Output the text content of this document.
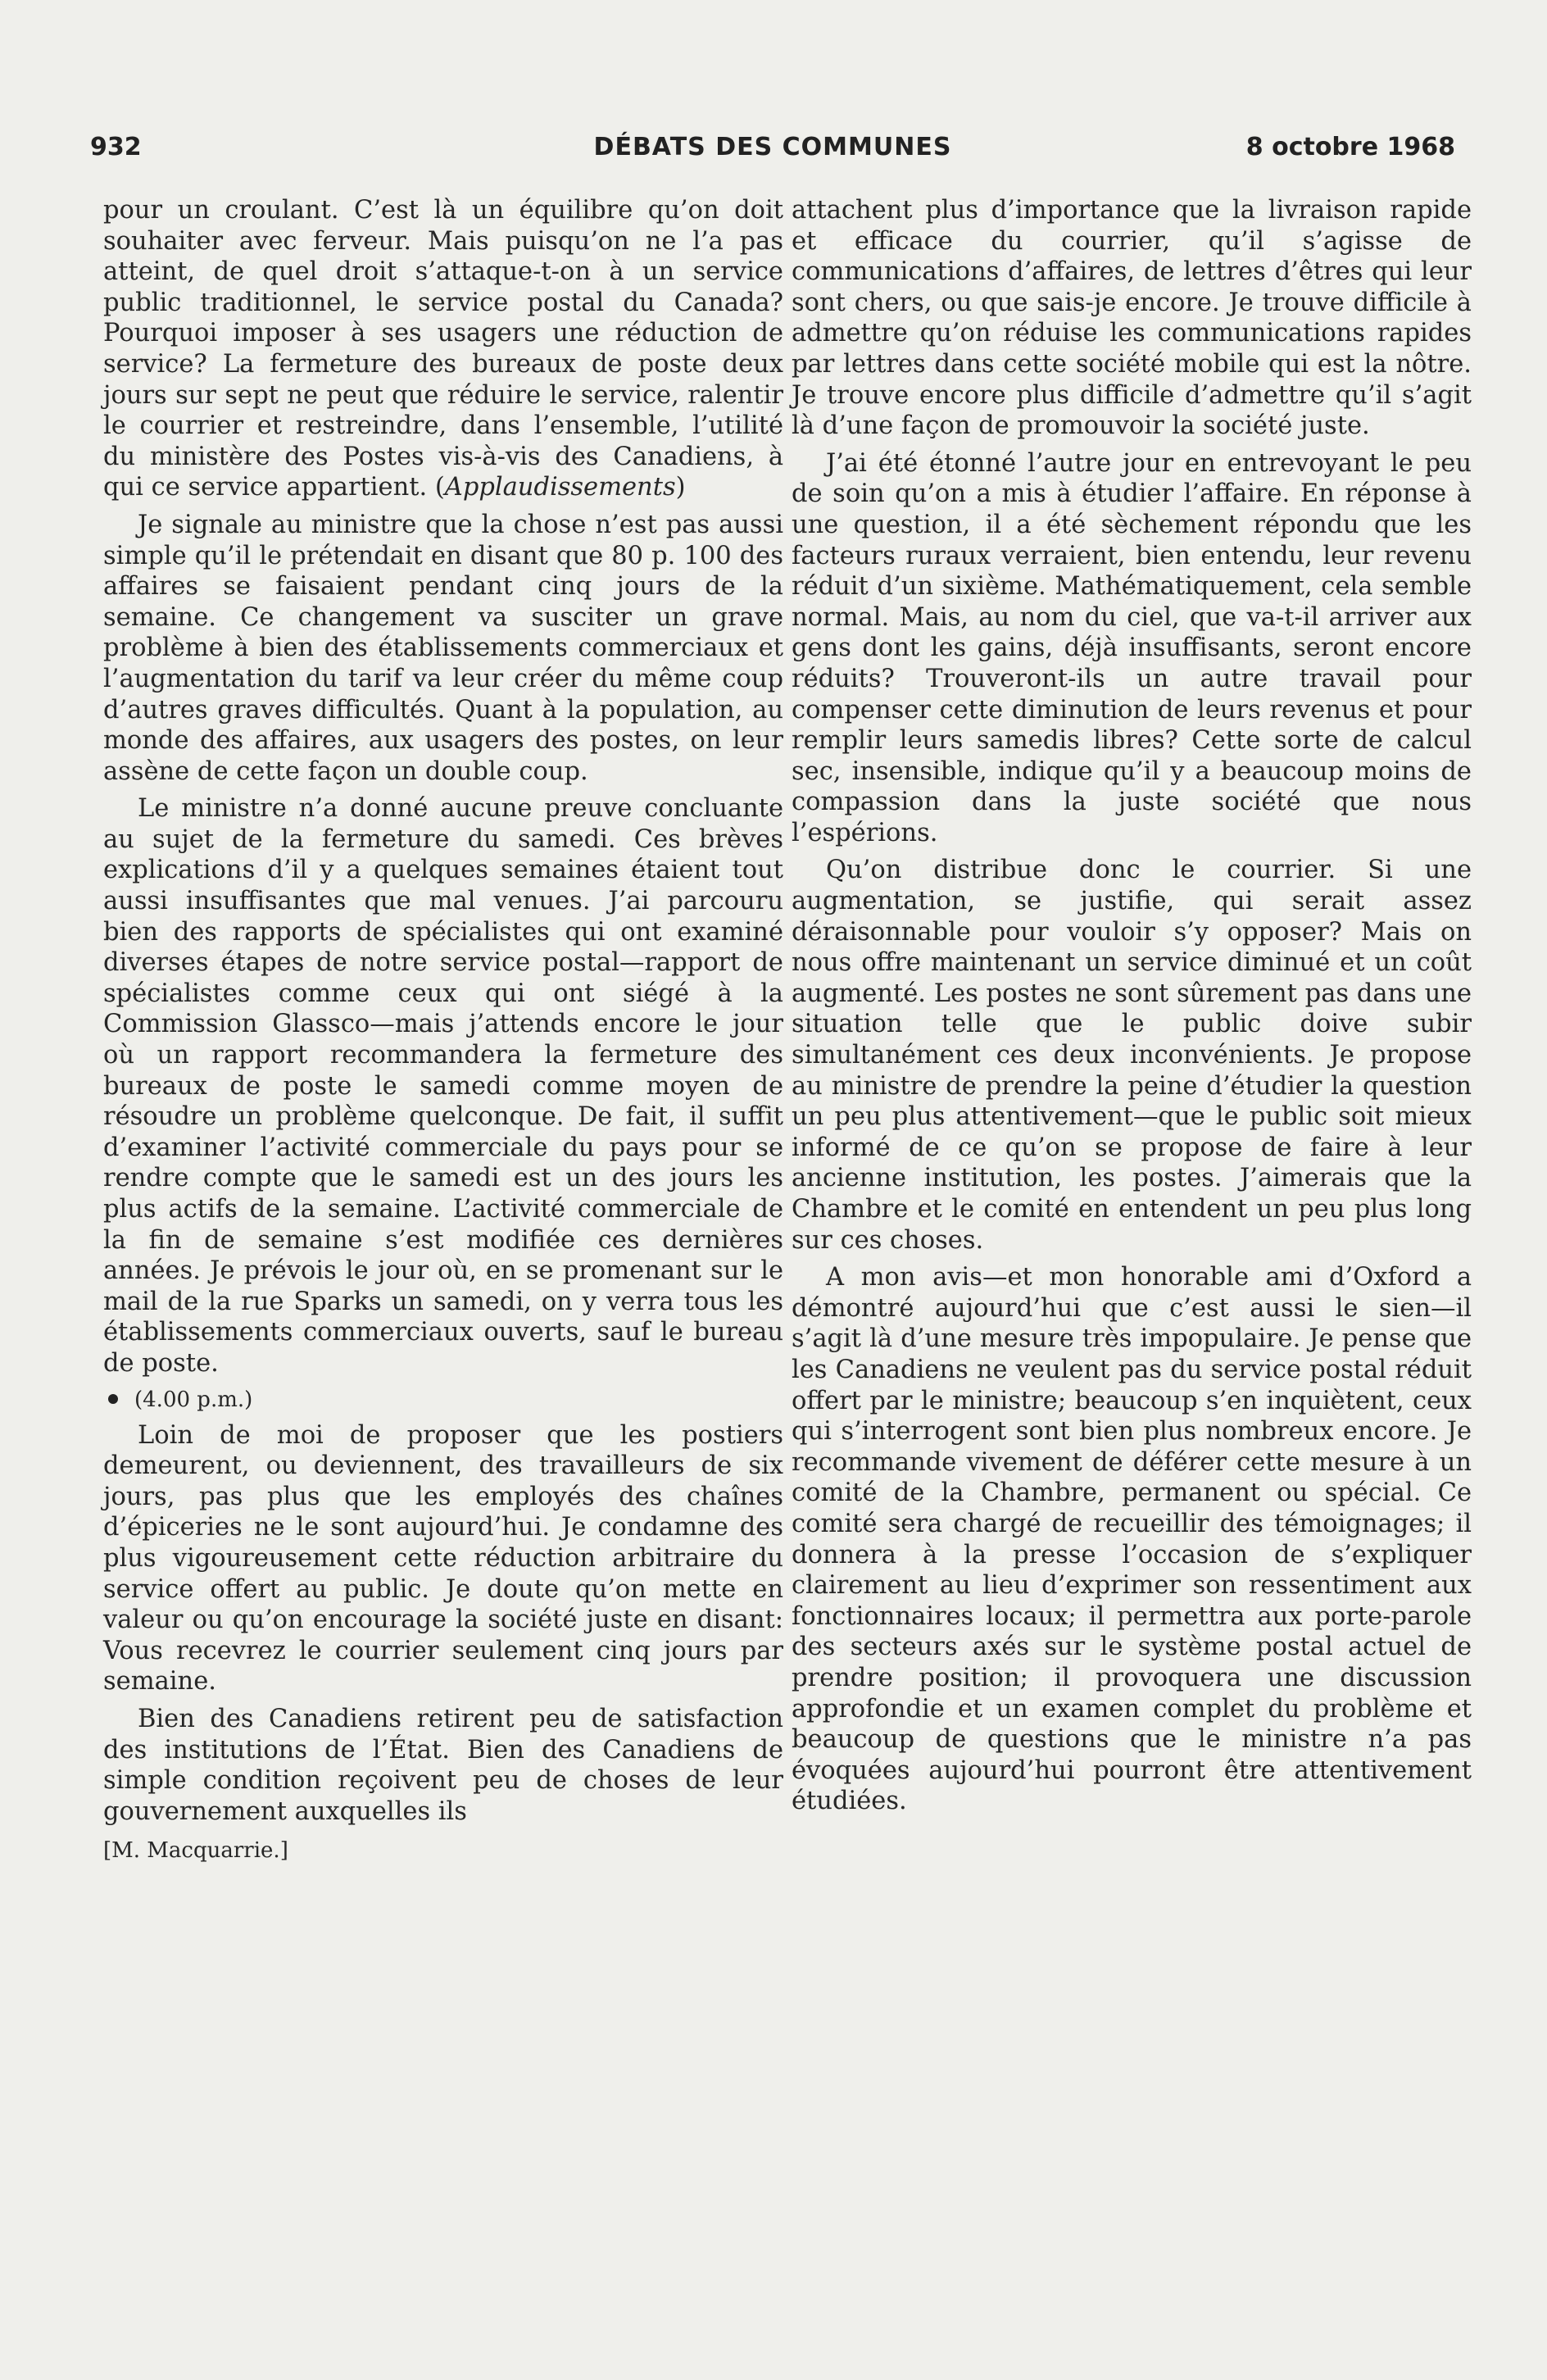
932	DÉBATS DES COMMUNES	8 octobre 1968

pour un croulant. C’est là un équilibre qu’on doit souhaiter avec ferveur. Mais puisqu’on ne l’a pas atteint, de quel droit s’attaque-t-on à un service public traditionnel, le service postal du Canada? Pourquoi imposer à ses usagers une réduction de service? La fermeture des bureaux de poste deux jours sur sept ne peut que réduire le service, ralentir le courrier et restreindre, dans l’ensemble, l’utilité du ministère des Postes vis-à-vis des Canadiens, à qui ce service appartient. (Applaudissements)

Je signale au ministre que la chose n’est pas aussi simple qu’il le prétendait en disant que 80 p. 100 des affaires se faisaient pendant cinq jours de la semaine. Ce changement va susciter un grave problème à bien des établissements commerciaux et l’augmentation du tarif va leur créer du même coup d’autres graves difficultés. Quant à la population, au monde des affaires, aux usagers des postes, on leur assène de cette façon un double coup.

Le ministre n’a donné aucune preuve concluante au sujet de la fermeture du samedi. Ces brèves explications d’il y a quelques semaines étaient tout aussi insuffisantes que mal venues. J’ai parcouru bien des rapports de spécialistes qui ont examiné diverses étapes de notre service postal—rapport de spécialistes comme ceux qui ont siégé à la Commission Glassco—mais j’attends encore le jour où un rapport recommandera la fermeture des bureaux de poste le samedi comme moyen de résoudre un problème quelconque. De fait, il suffit d’examiner l’activité commerciale du pays pour se rendre compte que le samedi est un des jours les plus actifs de la semaine. L’activité commerciale de la fin de semaine s’est modifiée ces dernières années. Je prévois le jour où, en se promenant sur le mail de la rue Sparks un samedi, on y verra tous les établissements commerciaux ouverts, sauf le bureau de poste.

(4.00 p.m.)

Loin de moi de proposer que les postiers demeurent, ou deviennent, des travailleurs de six jours, pas plus que les employés des chaînes d’épiceries ne le sont aujourd’hui. Je condamne des plus vigoureusement cette réduction arbitraire du service offert au public. Je doute qu’on mette en valeur ou qu’on encourage la société juste en disant: Vous recevrez le courrier seulement cinq jours par semaine.

Bien des Canadiens retirent peu de satisfaction des institutions de l’État. Bien des Canadiens de simple condition reçoivent peu de choses de leur gouvernement auxquelles ils

[M. Macquarrie.]

attachent plus d’importance que la livraison rapide et efficace du courrier, qu’il s’agisse de communications d’affaires, de lettres d’êtres qui leur sont chers, ou que sais-je encore. Je trouve difficile à admettre qu’on réduise les communications rapides par lettres dans cette société mobile qui est la nôtre. Je trouve encore plus difficile d’admettre qu’il s’agit là d’une façon de promouvoir la société juste.

J’ai été étonné l’autre jour en entrevoyant le peu de soin qu’on a mis à étudier l’affaire. En réponse à une question, il a été sèchement répondu que les facteurs ruraux verraient, bien entendu, leur revenu réduit d’un sixième. Mathématiquement, cela semble normal. Mais, au nom du ciel, que va-t-il arriver aux gens dont les gains, déjà insuffisants, seront encore réduits? Trouveront-ils un autre travail pour compenser cette diminution de leurs revenus et pour remplir leurs samedis libres? Cette sorte de calcul sec, insensible, indique qu’il y a beaucoup moins de compassion dans la juste société que nous l’espérions.

Qu’on distribue donc le courrier. Si une augmentation, se justifie, qui serait assez déraisonnable pour vouloir s’y opposer? Mais on nous offre maintenant un service diminué et un coût augmenté. Les postes ne sont sûrement pas dans une situation telle que le public doive subir simultanément ces deux inconvénients. Je propose au ministre de prendre la peine d’étudier la question un peu plus attentivement—que le public soit mieux informé de ce qu’on se propose de faire à leur ancienne institution, les postes. J’aimerais que la Chambre et le comité en entendent un peu plus long sur ces choses.

A mon avis—et mon honorable ami d’Oxford a démontré aujourd’hui que c’est aussi le sien—il s’agit là d’une mesure très impopulaire. Je pense que les Canadiens ne veulent pas du service postal réduit offert par le ministre; beaucoup s’en inquiètent, ceux qui s’interrogent sont bien plus nombreux encore. Je recommande vivement de déférer cette mesure à un comité de la Chambre, permanent ou spécial. Ce comité sera chargé de recueillir des témoignages; il donnera à la presse l’occasion de s’expliquer clairement au lieu d’exprimer son ressentiment aux fonctionnaires locaux; il permettra aux porte-parole des secteurs axés sur le système postal actuel de prendre position; il provoquera une discussion approfondie et un examen complet du problème et beaucoup de questions que le ministre n’a pas évoquées aujourd’hui pourront être attentivement étudiées.
